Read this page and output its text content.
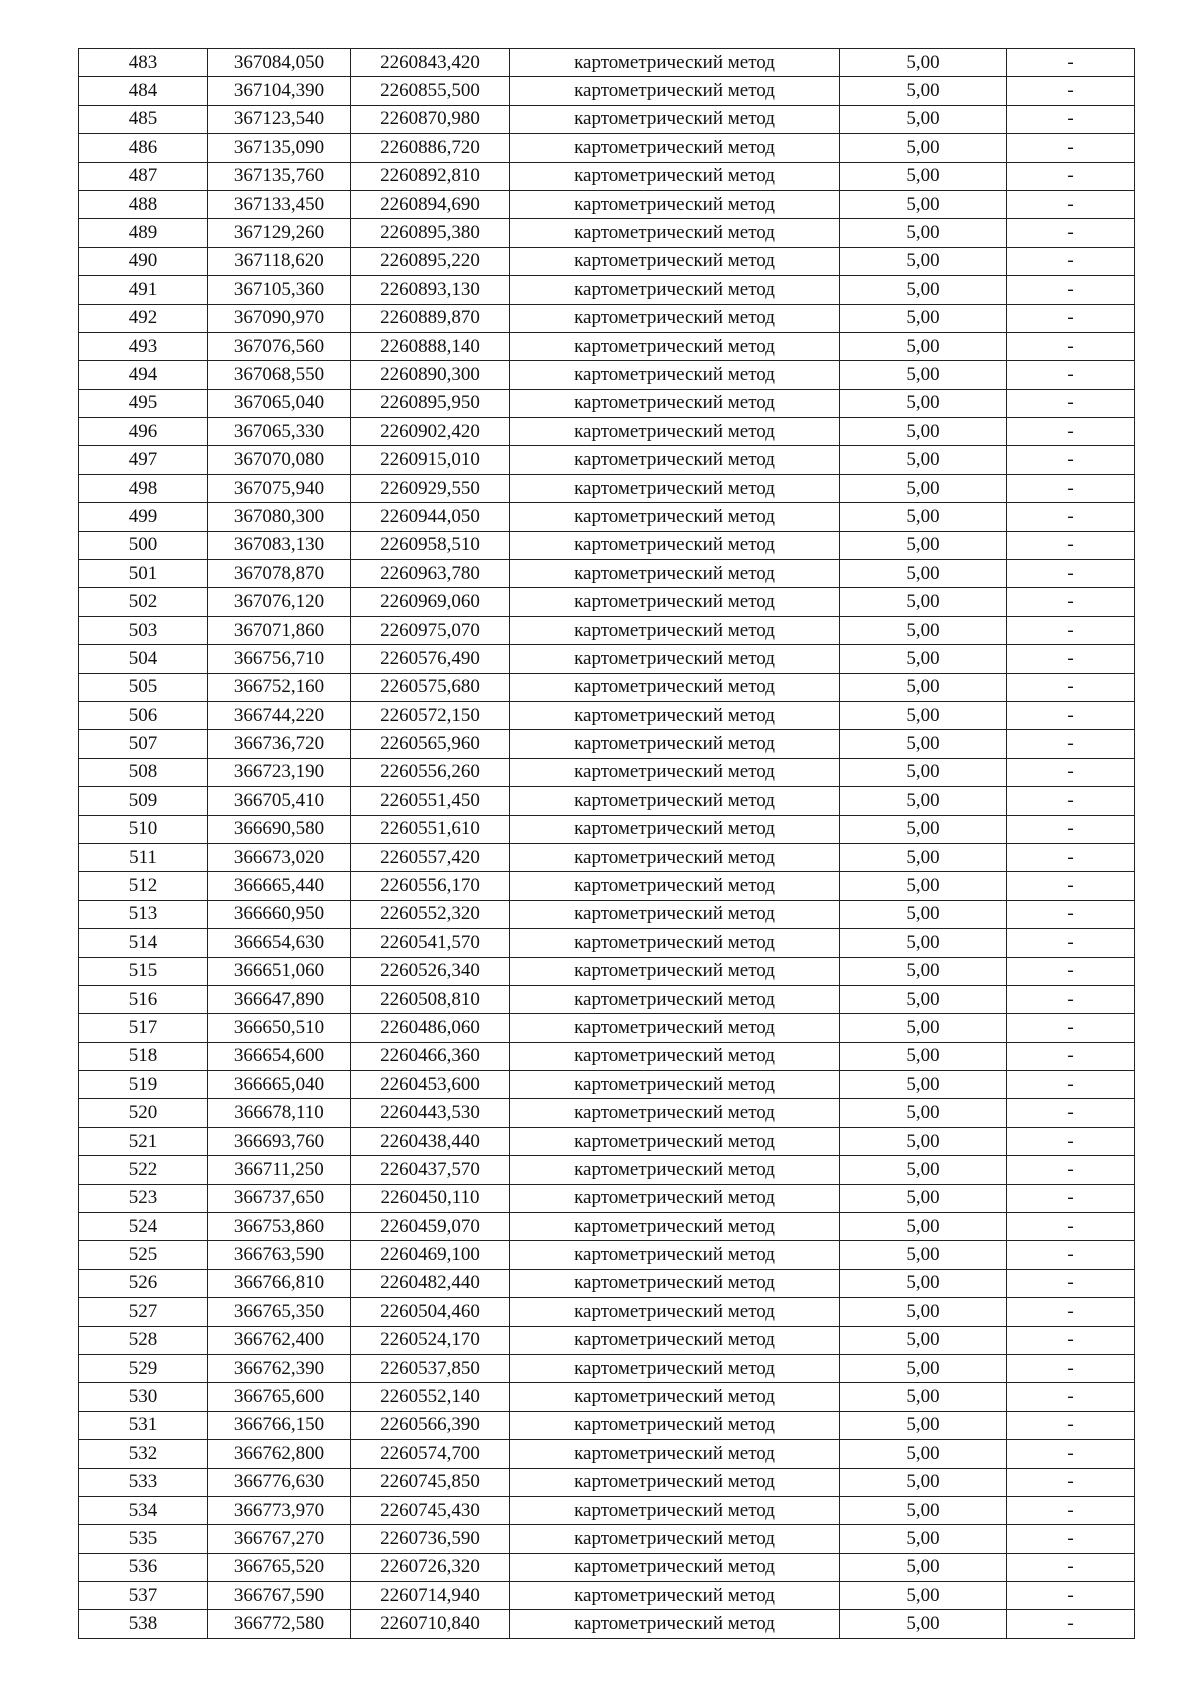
483	367084,050	2260843,420	картометрический метод	5,00	-
484	367104,390	2260855,500	картометрический метод	5,00	-
485	367123,540	2260870,980	картометрический метод	5,00	-
486	367135,090	2260886,720	картометрический метод	5,00	-
487	367135,760	2260892,810	картометрический метод	5,00	-
488	367133,450	2260894,690	картометрический метод	5,00	-
489	367129,260	2260895,380	картометрический метод	5,00	-
490	367118,620	2260895,220	картометрический метод	5,00	-
491	367105,360	2260893,130	картометрический метод	5,00	-
492	367090,970	2260889,870	картометрический метод	5,00	-
493	367076,560	2260888,140	картометрический метод	5,00	-
494	367068,550	2260890,300	картометрический метод	5,00	-
495	367065,040	2260895,950	картометрический метод	5,00	-
496	367065,330	2260902,420	картометрический метод	5,00	-
497	367070,080	2260915,010	картометрический метод	5,00	-
498	367075,940	2260929,550	картометрический метод	5,00	-
499	367080,300	2260944,050	картометрический метод	5,00	-
500	367083,130	2260958,510	картометрический метод	5,00	-
501	367078,870	2260963,780	картометрический метод	5,00	-
502	367076,120	2260969,060	картометрический метод	5,00	-
503	367071,860	2260975,070	картометрический метод	5,00	-
504	366756,710	2260576,490	картометрический метод	5,00	-
505	366752,160	2260575,680	картометрический метод	5,00	-
506	366744,220	2260572,150	картометрический метод	5,00	-
507	366736,720	2260565,960	картометрический метод	5,00	-
508	366723,190	2260556,260	картометрический метод	5,00	-
509	366705,410	2260551,450	картометрический метод	5,00	-
510	366690,580	2260551,610	картометрический метод	5,00	-
511	366673,020	2260557,420	картометрический метод	5,00	-
512	366665,440	2260556,170	картометрический метод	5,00	-
513	366660,950	2260552,320	картометрический метод	5,00	-
514	366654,630	2260541,570	картометрический метод	5,00	-
515	366651,060	2260526,340	картометрический метод	5,00	-
516	366647,890	2260508,810	картометрический метод	5,00	-
517	366650,510	2260486,060	картометрический метод	5,00	-
518	366654,600	2260466,360	картометрический метод	5,00	-
519	366665,040	2260453,600	картометрический метод	5,00	-
520	366678,110	2260443,530	картометрический метод	5,00	-
521	366693,760	2260438,440	картометрический метод	5,00	-
522	366711,250	2260437,570	картометрический метод	5,00	-
523	366737,650	2260450,110	картометрический метод	5,00	-
524	366753,860	2260459,070	картометрический метод	5,00	-
525	366763,590	2260469,100	картометрический метод	5,00	-
526	366766,810	2260482,440	картометрический метод	5,00	-
527	366765,350	2260504,460	картометрический метод	5,00	-
528	366762,400	2260524,170	картометрический метод	5,00	-
529	366762,390	2260537,850	картометрический метод	5,00	-
530	366765,600	2260552,140	картометрический метод	5,00	-
531	366766,150	2260566,390	картометрический метод	5,00	-
532	366762,800	2260574,700	картометрический метод	5,00	-
533	366776,630	2260745,850	картометрический метод	5,00	-
534	366773,970	2260745,430	картометрический метод	5,00	-
535	366767,270	2260736,590	картометрический метод	5,00	-
536	366765,520	2260726,320	картометрический метод	5,00	-
537	366767,590	2260714,940	картометрический метод	5,00	-
538	366772,580	2260710,840	картометрический метод	5,00	-
